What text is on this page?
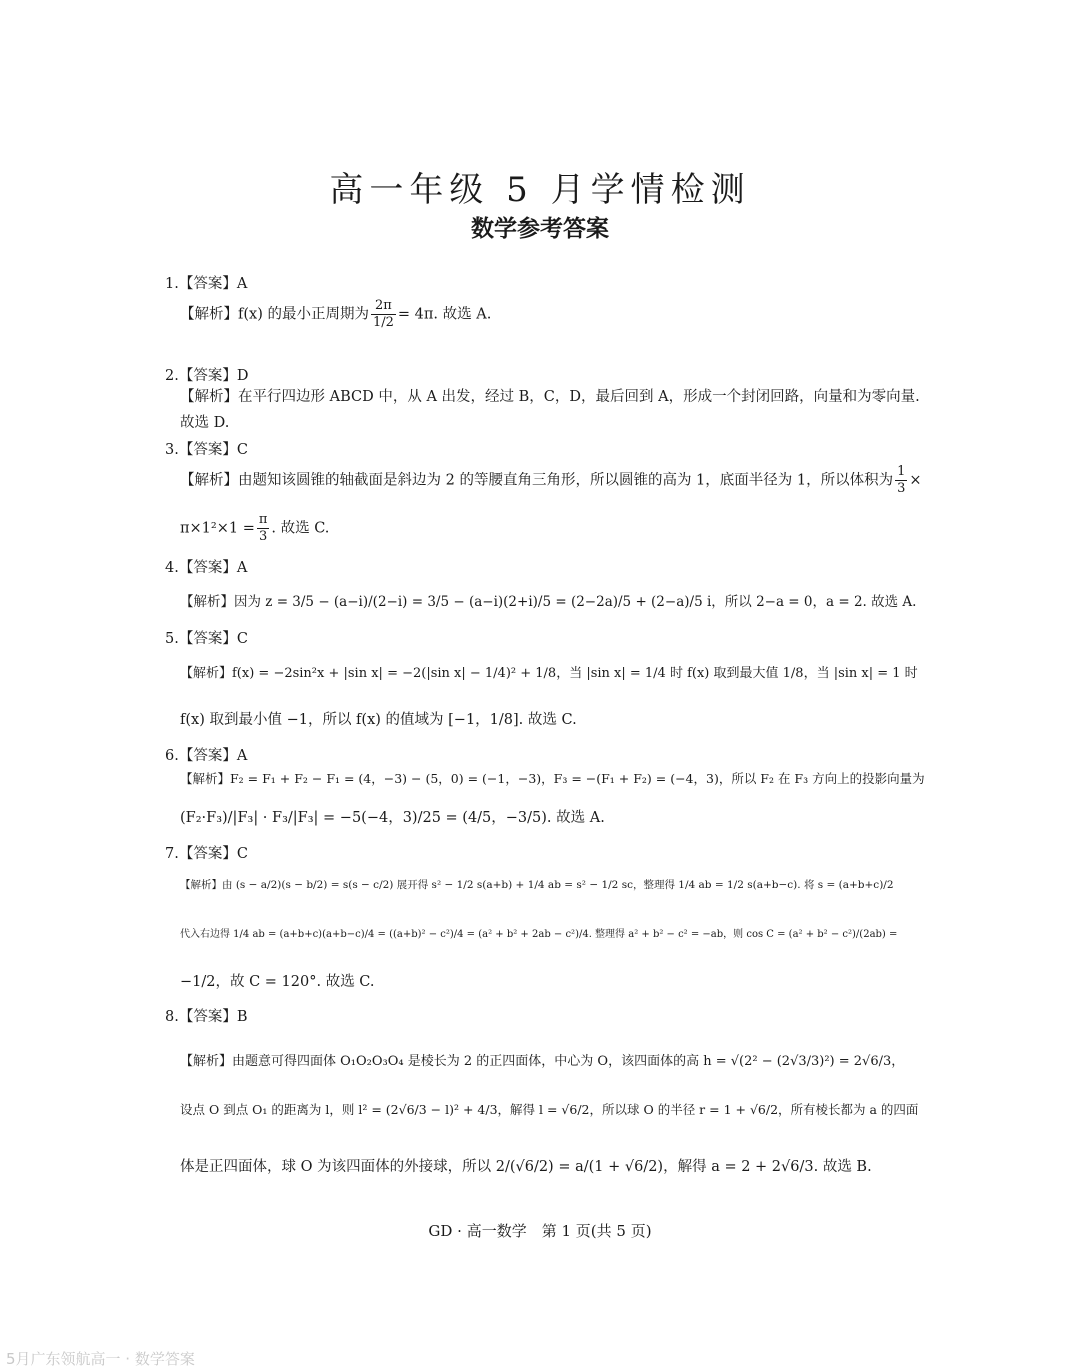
高一年级 5 月学情检测
数学参考答案
1.【答案】A
【解析】f(x) 的最小正周期为 $\frac{2\pi}{1/2} = 4\pi$. 故选 A.
2.【答案】D
【解析】在平行四边形 ABCD 中，从 A 出发，经过 B，C，D，最后回到 A，形成一个封闭回路，向量和为零向量. 故选 D.
3.【答案】C
【解析】由题知该圆锥的轴截面是斜边为 2 的等腰直角三角形，所以圆锥的高为 1，底面半径为 1，所以体积为 $\frac{1}{3}$ ×
$\pi\times 1^2\times 1 = \frac{\pi}{3}$ . 故选 C.
4.【答案】A
【解析】因为 z = 3/5 − (a−i)/(2−i) = 3/5 − (a−i)(2+i)/5 = (2−2a)/5 + (2−a)/5 i，所以 2−a = 0，a = 2. 故选 A.
5.【答案】C
【解析】f(x) = −2sin²x + |sin x| = −2(|sin x| − 1/4)² + 1/8，当 |sin x| = 1/4 时 f(x) 取到最大值 1/8，当 |sin x| = 1 时
f(x) 取到最小值 −1，所以 f(x) 的值域为 [−1，1/8]. 故选 C.
6.【答案】A
【解析】F₂ = F₁ + F₂ − F₁ = (4，−3) − (5，0) = (−1，−3)，F₃ = −(F₁ + F₂) = (−4，3)，所以 F₂ 在 F₃ 方向上的投影向量为
(F₂·F₃)/|F₃| · F₃/|F₃| = −5(−4，3)/25 = (4/5，−3/5). 故选 A.
7.【答案】C
【解析】由 (s − a/2)(s − b/2) = s(s − c/2) 展开得 s² − 1/2 s(a+b) + 1/4 ab = s² − 1/2 sc，整理得 1/4 ab = 1/2 s(a+b−c). 将 s = (a+b+c)/2
代入右边得 1/4 ab = (a+b+c)(a+b−c)/4 = ((a+b)² − c²)/4 = (a² + b² + 2ab − c²)/4. 整理得 a² + b² − c² = −ab，则 cos C = (a² + b² − c²)/(2ab) =
−1/2，故 C = 120°. 故选 C.
8.【答案】B
【解析】由题意可得四面体 O₁O₂O₃O₄ 是棱长为 2 的正四面体，中心为 O，该四面体的高 h = √(2² − (2√3/3)²) = 2√6/3，
设点 O 到点 O₁ 的距离为 l，则 l² = (2√6/3 − l)² + 4/3，解得 l = √6/2，所以球 O 的半径 r = 1 + √6/2，所有棱长都为 a 的四面
体是正四面体，球 O 为该四面体的外接球，所以 2/(√6/2) = a/(1 + √6/2)，解得 a = 2 + 2√6/3. 故选 B.
GD · 高一数学　第 1 页(共 5 页)
5月广东领航高一 · 数学答案
